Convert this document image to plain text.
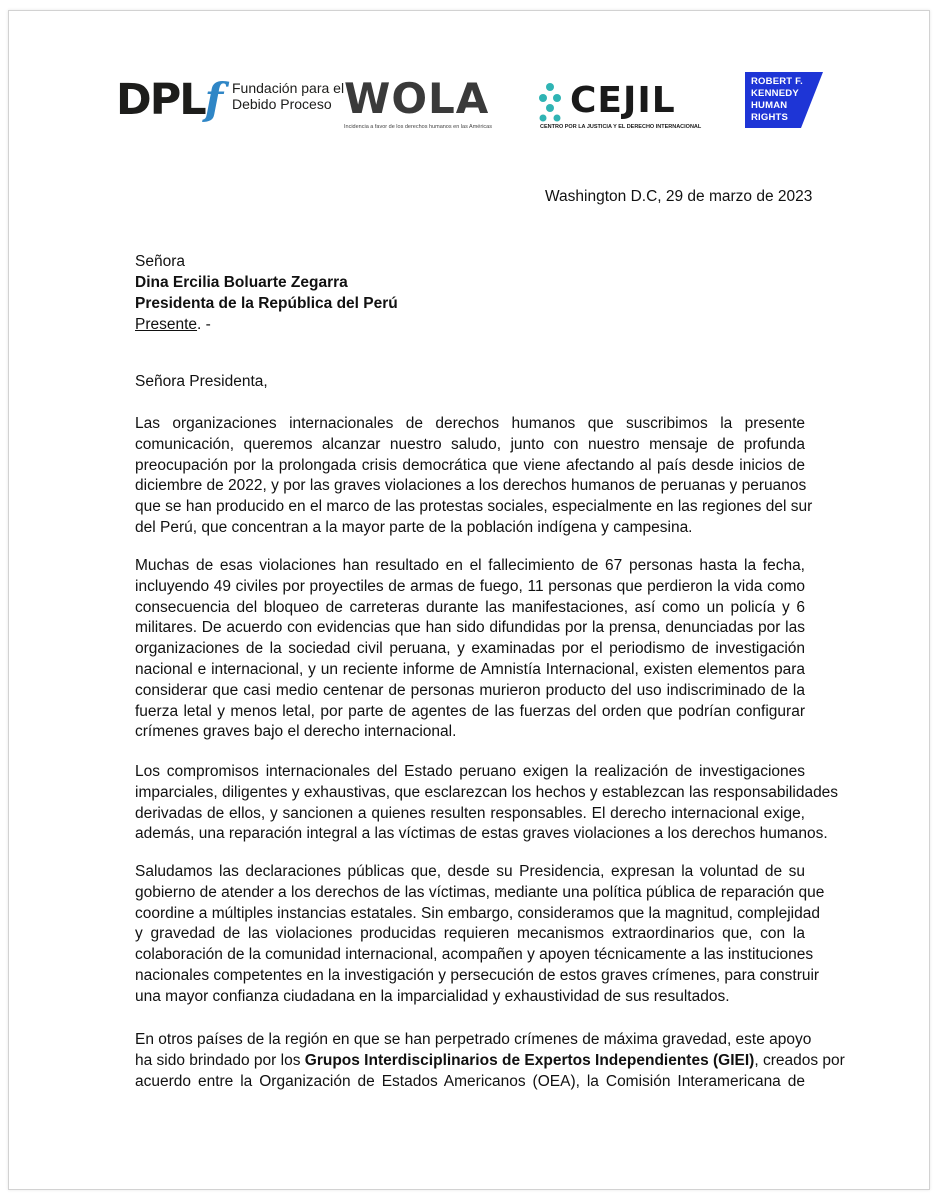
DPLf Fundación para el Debido Proceso WOLA
Incidencia a favor de los derechos humanos en las Américas
CEJIL
CENTRO POR LA JUSTICIA Y EL DERECHO INTERNACIONAL
ROBERT F.
KENNEDY
HUMAN
RIGHTS
Washington D.C, 29 de marzo de 2023
Señora
Dina Ercilia Boluarte Zegarra
Presidenta de la República del Perú
Presente. -
Señora Presidenta,
Las organizaciones internacionales de derechos humanos que suscribimos la presente
comunicación, queremos alcanzar nuestro saludo, junto con nuestro mensaje de profunda
preocupación por la prolongada crisis democrática que viene afectando al país desde inicios de
diciembre de 2022, y por las graves violaciones a los derechos humanos de peruanas y peruanos
que se han producido en el marco de las protestas sociales, especialmente en las regiones del sur
del Perú, que concentran a la mayor parte de la población indígena y campesina.
Muchas de esas violaciones han resultado en el fallecimiento de 67 personas hasta la fecha,
incluyendo 49 civiles por proyectiles de armas de fuego, 11 personas que perdieron la vida como
consecuencia del bloqueo de carreteras durante las manifestaciones, así como un policía y 6
militares. De acuerdo con evidencias que han sido difundidas por la prensa, denunciadas por las
organizaciones de la sociedad civil peruana, y examinadas por el periodismo de investigación
nacional e internacional, y un reciente informe de Amnistía Internacional, existen elementos para
considerar que casi medio centenar de personas murieron producto del uso indiscriminado de la
fuerza letal y menos letal, por parte de agentes de las fuerzas del orden que podrían configurar
crímenes graves bajo el derecho internacional.
Los compromisos internacionales del Estado peruano exigen la realización de investigaciones
imparciales, diligentes y exhaustivas, que esclarezcan los hechos y establezcan las responsabilidades
derivadas de ellos, y sancionen a quienes resulten responsables. El derecho internacional exige,
además, una reparación integral a las víctimas de estas graves violaciones a los derechos humanos.
Saludamos las declaraciones públicas que, desde su Presidencia, expresan la voluntad de su
gobierno de atender a los derechos de las víctimas, mediante una política pública de reparación que
coordine a múltiples instancias estatales. Sin embargo, consideramos que la magnitud, complejidad
y gravedad de las violaciones producidas requieren mecanismos extraordinarios que, con la
colaboración de la comunidad internacional, acompañen y apoyen técnicamente a las instituciones
nacionales competentes en la investigación y persecución de estos graves crímenes, para construir
una mayor confianza ciudadana en la imparcialidad y exhaustividad de sus resultados.
En otros países de la región en que se han perpetrado crímenes de máxima gravedad, este apoyo
ha sido brindado por los Grupos Interdisciplinarios de Expertos Independientes (GIEI), creados por
acuerdo entre la Organización de Estados Americanos (OEA), la Comisión Interamericana de
